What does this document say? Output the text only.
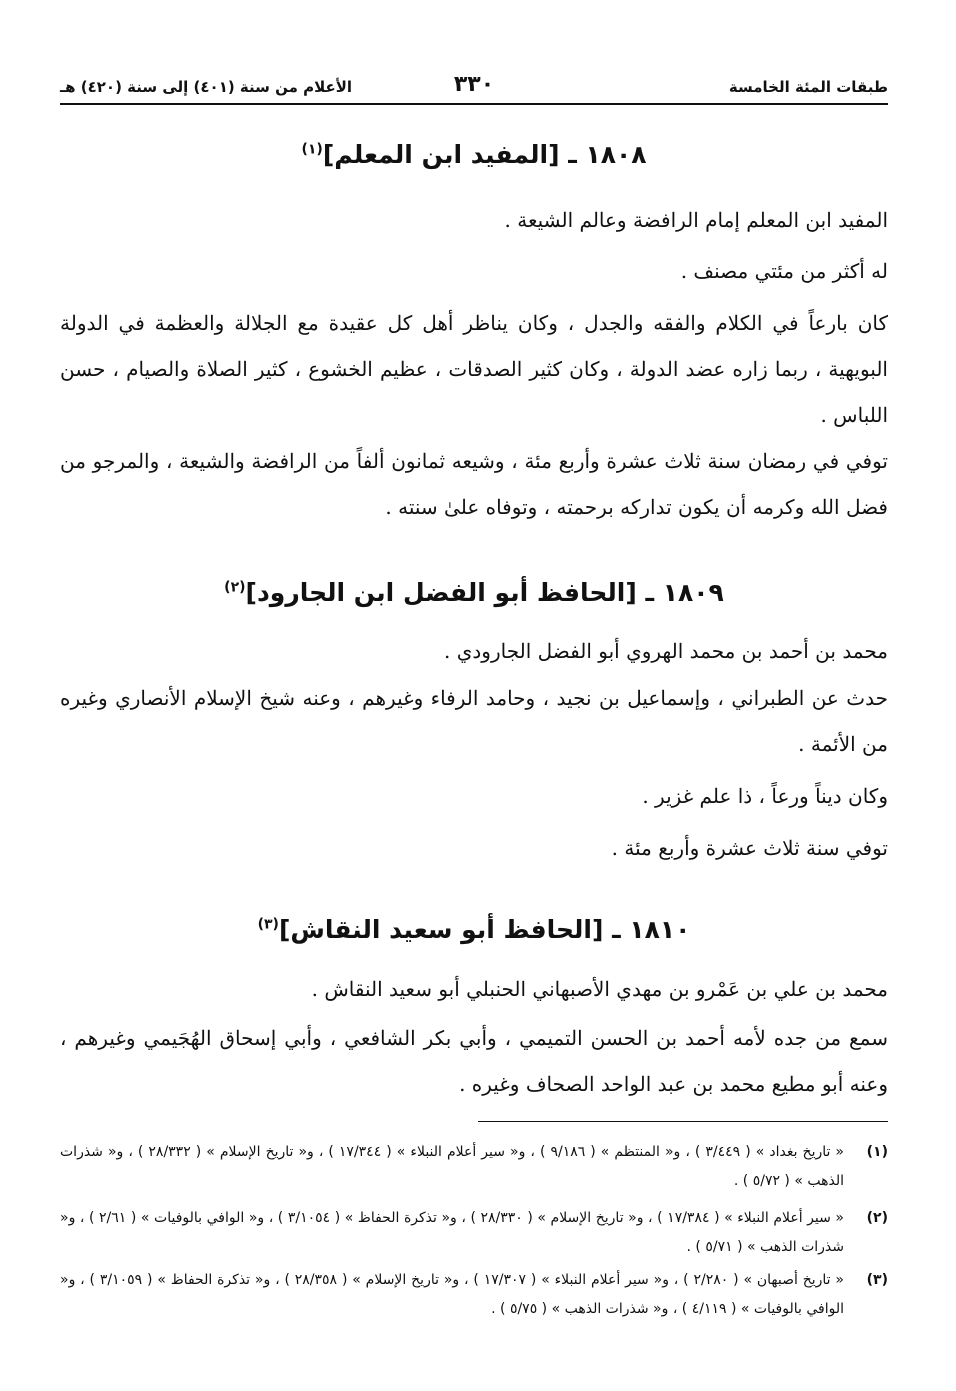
طبقات المئة الخامسة
٣٣٠
الأعلام من سنة (٤٠١) إلى سنة (٤٢٠) هـ
١٨٠٨ ـ [المفيد ابن المعلم]$^{(١)}$
المفيد ابن المعلم إمام الرافضة وعالم الشيعة .
له أكثر من مئتي مصنف .
كان بارعاً في الكلام والفقه والجدل ، وكان يناظر أهل كل عقيدة مع الجلالة والعظمة في الدولة البويهية ، ربما زاره عضد الدولة ، وكان كثير الصدقات ، عظيم الخشوع ، كثير الصلاة والصيام ، حسن اللباس .
توفي في رمضان سنة ثلاث عشرة وأربع مئة ، وشيعه ثمانون ألفاً من الرافضة والشيعة ، والمرجو من فضل الله وكرمه أن يكون تداركه برحمته ، وتوفاه علىٰ سنته .
١٨٠٩ ـ [الحافظ أبو الفضل ابن الجارود]$^{(٢)}$
محمد بن أحمد بن محمد الهروي أبو الفضل الجارودي .
حدث عن الطبراني ، وإسماعيل بن نجيد ، وحامد الرفاء وغيرهم ، وعنه شيخ الإسلام الأنصاري وغيره من الأئمة .
وكان ديناً ورعاً ، ذا علم غزير .
توفي سنة ثلاث عشرة وأربع مئة .
١٨١٠ ـ [الحافظ أبو سعيد النقاش]$^{(٣)}$
محمد بن علي بن عَمْرو بن مهدي الأصبهاني الحنبلي أبو سعيد النقاش .
سمع من جده لأمه أحمد بن الحسن التميمي ، وأبي بكر الشافعي ، وأبي إسحاق الهُجَيمي وغيرهم ، وعنه أبو مطيع محمد بن عبد الواحد الصحاف وغيره .
(١)
« تاريخ بغداد » ( ٣/٤٤٩ ) ، و« المنتظم » ( ٩/١٨٦ ) ، و« سير أعلام النبلاء » ( ١٧/٣٤٤ ) ، و« تاريخ الإسلام » ( ٢٨/٣٣٢ ) ، و« شذرات الذهب » ( ٥/٧٢ ) .
(٢)
« سير أعلام النبلاء » ( ١٧/٣٨٤ ) ، و« تاريخ الإسلام » ( ٢٨/٣٣٠ ) ، و« تذكرة الحفاظ » ( ٣/١٠٥٤ ) ، و« الوافي بالوفيات » ( ٢/٦١ ) ، و« شذرات الذهب » ( ٥/٧١ ) .
(٣)
« تاريخ أصبهان » ( ٢/٢٨٠ ) ، و« سير أعلام النبلاء » ( ١٧/٣٠٧ ) ، و« تاريخ الإسلام » ( ٢٨/٣٥٨ ) ، و« تذكرة الحفاظ » ( ٣/١٠٥٩ ) ، و« الوافي بالوفيات » ( ٤/١١٩ ) ، و« شذرات الذهب » ( ٥/٧٥ ) .
